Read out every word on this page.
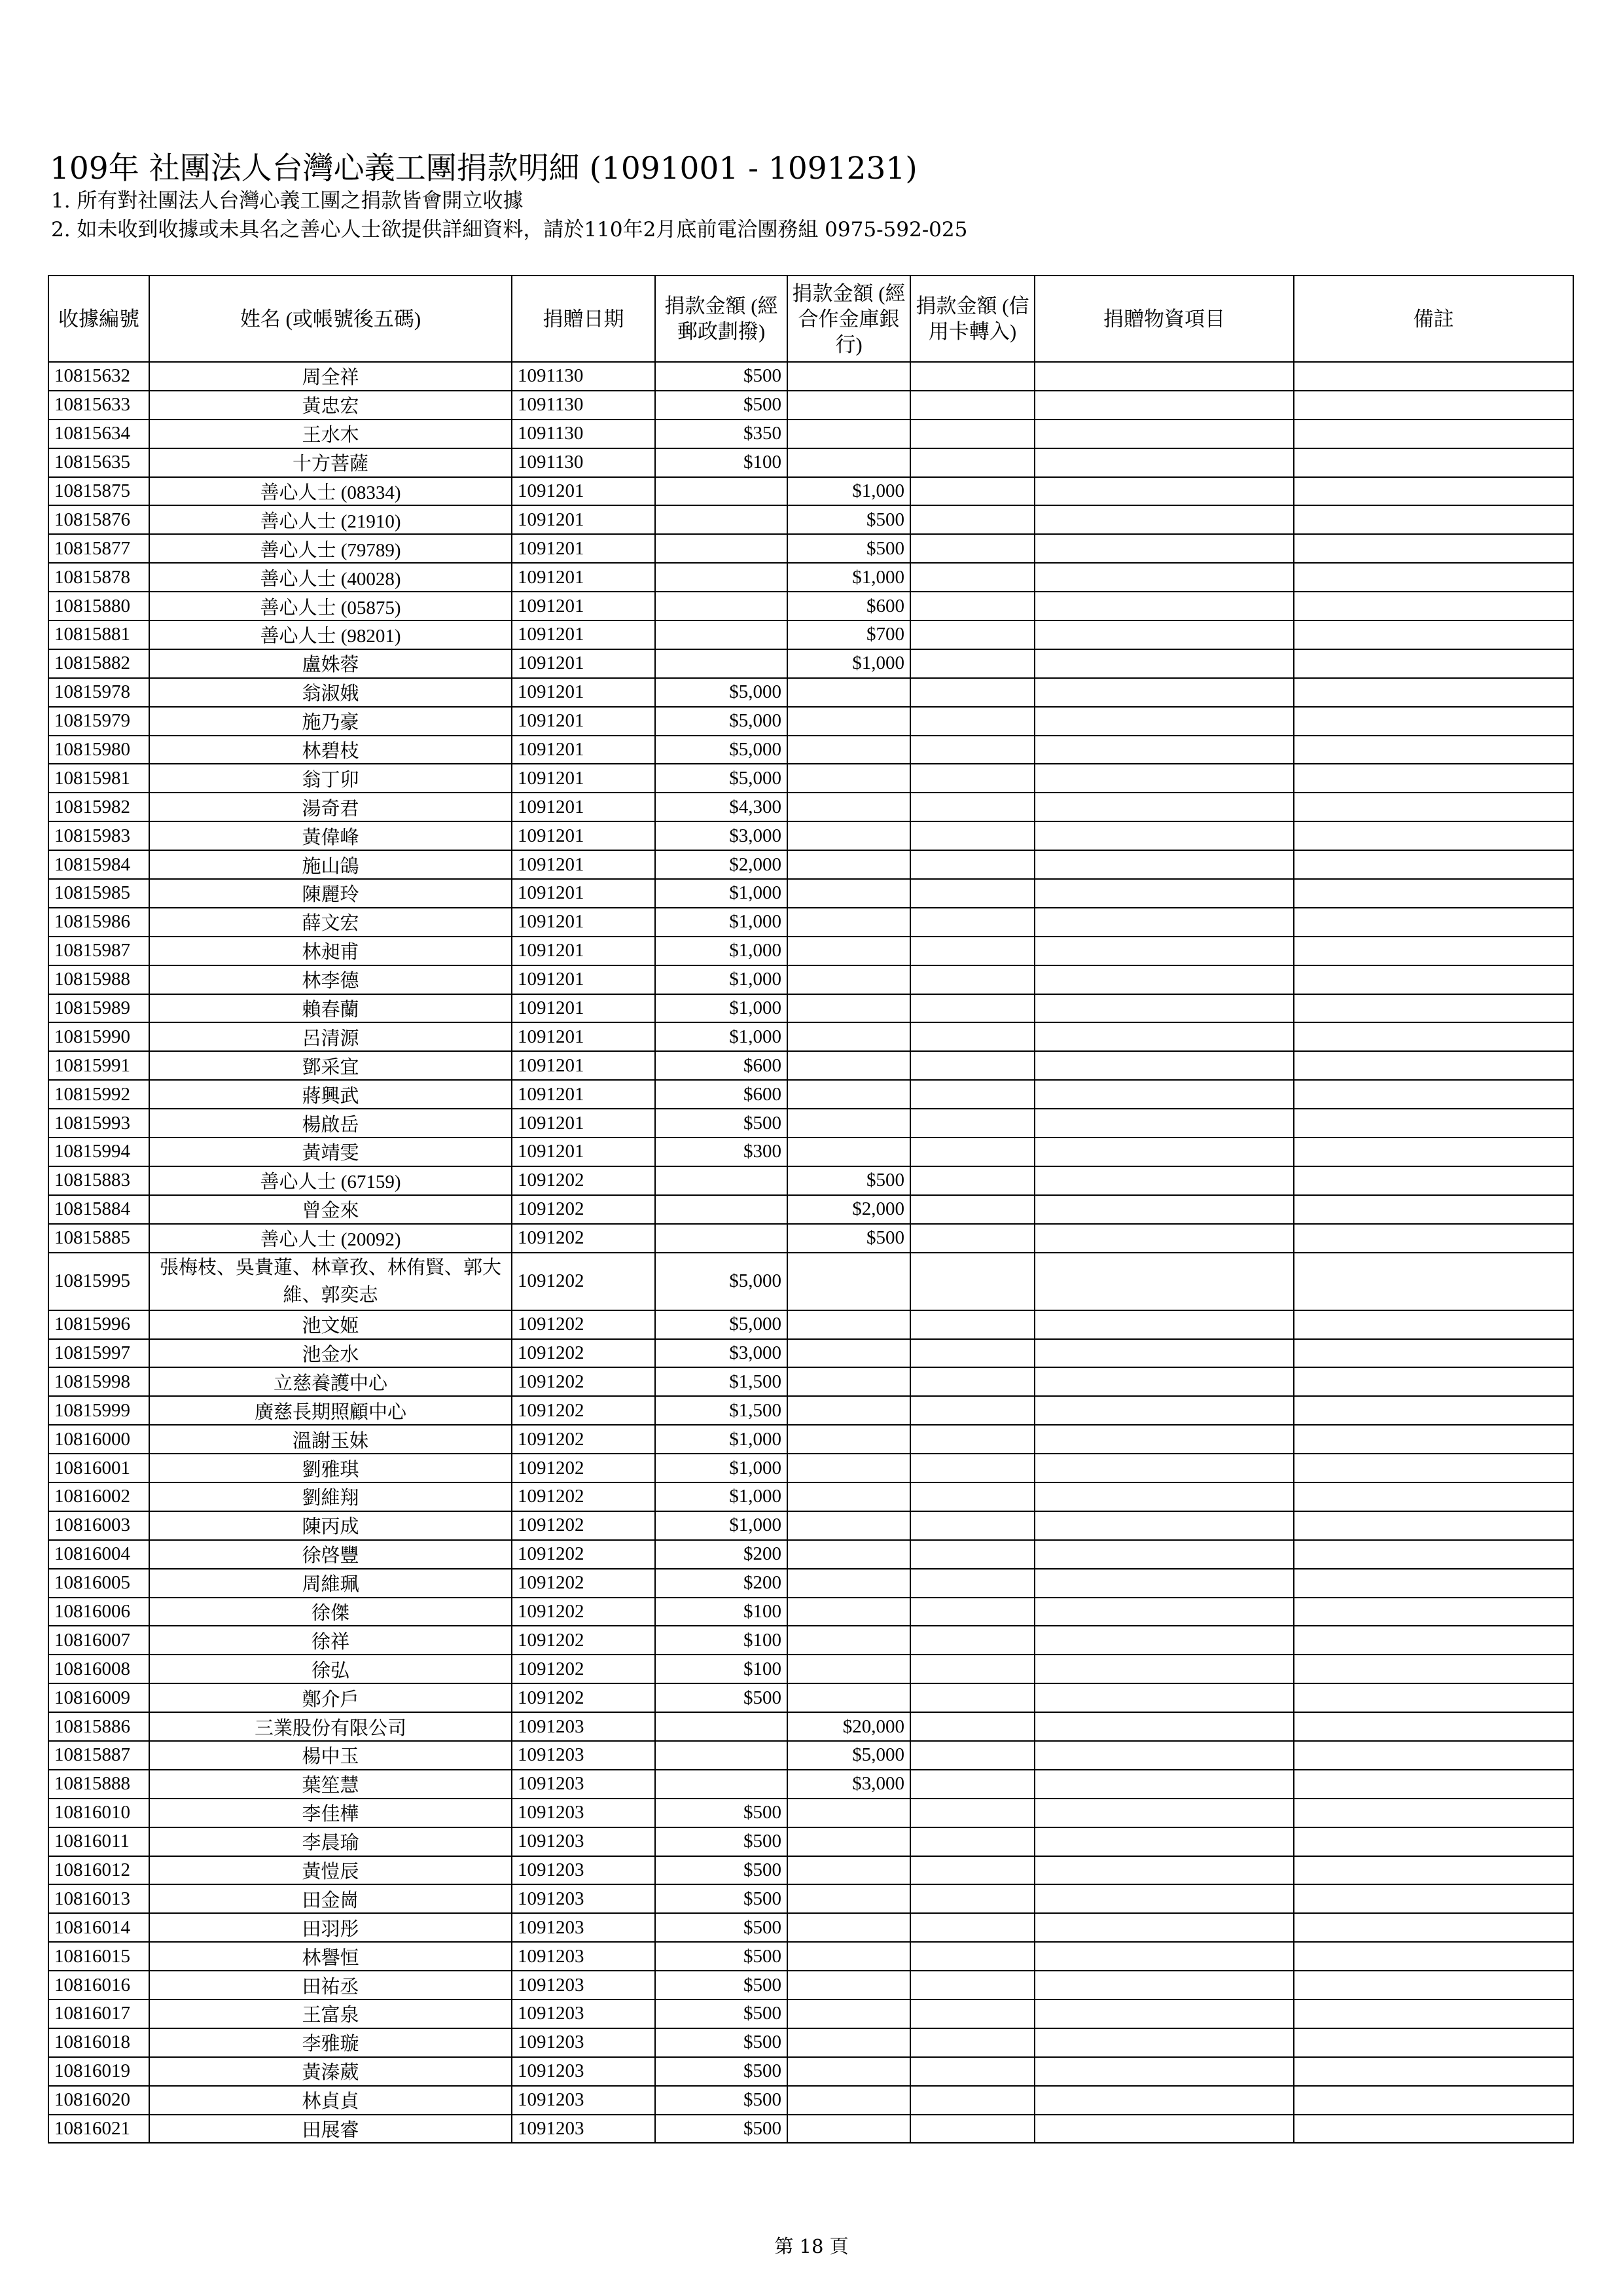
109年 社團法人台灣心義工團捐款明細 (1091001 - 1091231)
1. 所有對社團法人台灣心義工團之捐款皆會開立收據
2. 如未收到收據或未具名之善心人士欲提供詳細資料，請於110年2月底前電洽團務組 0975-592-025
收據編號	姓名 (或帳號後五碼)	捐贈日期	捐款金額 (經郵政劃撥)	捐款金額 (經合作金庫銀行)	捐款金額 (信用卡轉入)	捐贈物資項目	備註
10815632	周全祥	1091130	$500				
10815633	黃忠宏	1091130	$500				
10815634	王水木	1091130	$350				
10815635	十方菩薩	1091130	$100				
10815875	善心人士 (08334)	1091201		$1,000			
10815876	善心人士 (21910)	1091201		$500			
10815877	善心人士 (79789)	1091201		$500			
10815878	善心人士 (40028)	1091201		$1,000			
10815880	善心人士 (05875)	1091201		$600			
10815881	善心人士 (98201)	1091201		$700			
10815882	盧姝蓉	1091201		$1,000			
10815978	翁淑娥	1091201	$5,000				
10815979	施乃豪	1091201	$5,000				
10815980	林碧枝	1091201	$5,000				
10815981	翁丁卯	1091201	$5,000				
10815982	湯奇君	1091201	$4,300				
10815983	黃偉峰	1091201	$3,000				
10815984	施山鴿	1091201	$2,000				
10815985	陳麗玲	1091201	$1,000				
10815986	薛文宏	1091201	$1,000				
10815987	林昶甫	1091201	$1,000				
10815988	林李德	1091201	$1,000				
10815989	賴春蘭	1091201	$1,000				
10815990	呂清源	1091201	$1,000				
10815991	鄧采宜	1091201	$600				
10815992	蔣興武	1091201	$600				
10815993	楊啟岳	1091201	$500				
10815994	黃靖雯	1091201	$300				
10815883	善心人士 (67159)	1091202		$500			
10815884	曾金來	1091202		$2,000			
10815885	善心人士 (20092)	1091202		$500			
10815995	張梅枝、吳貴蓮、林章孜、林侑賢、郭大維、郭奕志	1091202	$5,000				
10815996	池文姬	1091202	$5,000				
10815997	池金水	1091202	$3,000				
10815998	立慈養護中心	1091202	$1,500				
10815999	廣慈長期照顧中心	1091202	$1,500				
10816000	溫謝玉妹	1091202	$1,000				
10816001	劉雅琪	1091202	$1,000				
10816002	劉維翔	1091202	$1,000				
10816003	陳丙成	1091202	$1,000				
10816004	徐啓豐	1091202	$200				
10816005	周維珮	1091202	$200				
10816006	徐傑	1091202	$100				
10816007	徐祥	1091202	$100				
10816008	徐弘	1091202	$100				
10816009	鄭介戶	1091202	$500				
10815886	三業股份有限公司	1091203		$20,000			
10815887	楊中玉	1091203		$5,000			
10815888	葉笙慧	1091203		$3,000			
10816010	李佳樺	1091203	$500				
10816011	李晨瑜	1091203	$500				
10816012	黃愷辰	1091203	$500				
10816013	田金崗	1091203	$500				
10816014	田羽彤	1091203	$500				
10816015	林譽恒	1091203	$500				
10816016	田祐丞	1091203	$500				
10816017	王富泉	1091203	$500				
10816018	李雅璇	1091203	$500				
10816019	黃溱葳	1091203	$500				
10816020	林貞貞	1091203	$500				
10816021	田展睿	1091203	$500				
第 18 頁
